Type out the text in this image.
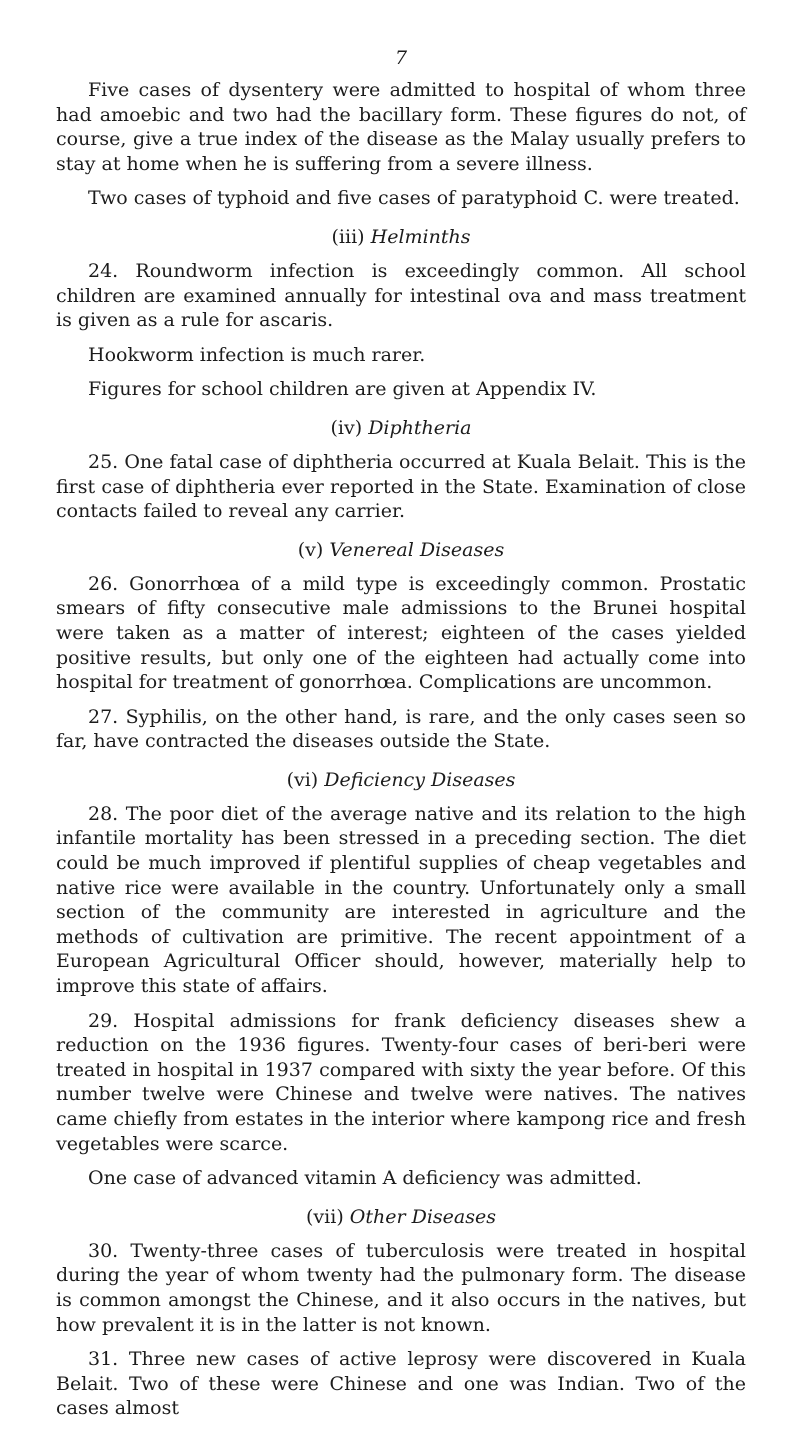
7

Five cases of dysentery were admitted to hospital of whom three had amoebic and two had the bacillary form. These figures do not, of course, give a true index of the disease as the Malay usually prefers to stay at home when he is suffering from a severe illness.

Two cases of typhoid and five cases of paratyphoid C. were treated.

(iii) Helminths

24. Roundworm infection is exceedingly common. All school children are examined annually for intestinal ova and mass treatment is given as a rule for ascaris.

Hookworm infection is much rarer.

Figures for school children are given at Appendix IV.

(iv) Diphtheria

25. One fatal case of diphtheria occurred at Kuala Belait. This is the first case of diphtheria ever reported in the State. Examination of close contacts failed to reveal any carrier.

(v) Venereal Diseases

26. Gonorrhœa of a mild type is exceedingly common. Prostatic smears of fifty consecutive male admissions to the Brunei hospital were taken as a matter of interest; eighteen of the cases yielded positive results, but only one of the eighteen had actually come into hospital for treatment of gonorrhœa. Complications are uncommon.

27. Syphilis, on the other hand, is rare, and the only cases seen so far, have contracted the diseases outside the State.

(vi) Deficiency Diseases

28. The poor diet of the average native and its relation to the high infantile mortality has been stressed in a preceding section. The diet could be much improved if plentiful supplies of cheap vegetables and native rice were available in the country. Unfortunately only a small section of the community are interested in agriculture and the methods of cultivation are primitive. The recent appointment of a European Agricultural Officer should, however, materially help to improve this state of affairs.

29. Hospital admissions for frank deficiency diseases shew a reduction on the 1936 figures. Twenty-four cases of beri-beri were treated in hospital in 1937 compared with sixty the year before. Of this number twelve were Chinese and twelve were natives. The natives came chiefly from estates in the interior where kampong rice and fresh vegetables were scarce.

One case of advanced vitamin A deficiency was admitted.

(vii) Other Diseases

30. Twenty-three cases of tuberculosis were treated in hospital during the year of whom twenty had the pulmonary form. The disease is common amongst the Chinese, and it also occurs in the natives, but how prevalent it is in the latter is not known.

31. Three new cases of active leprosy were discovered in Kuala Belait. Two of these were Chinese and one was Indian. Two of the cases almost
